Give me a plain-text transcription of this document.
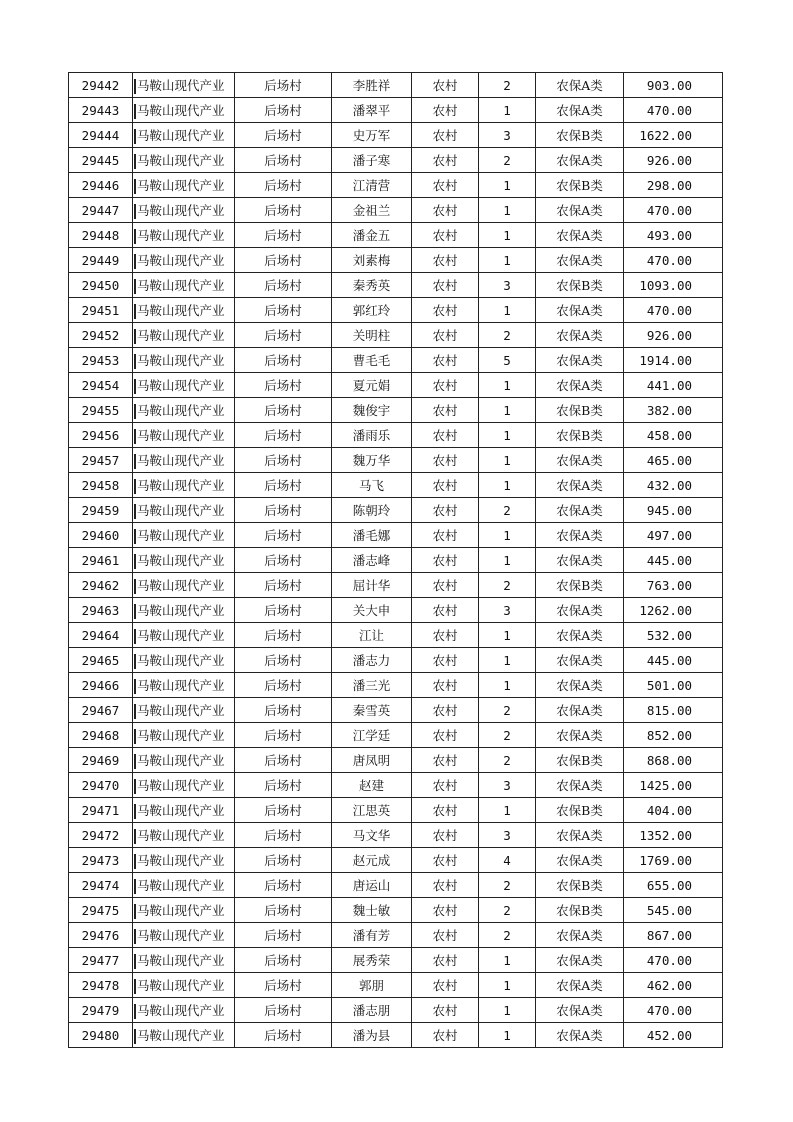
29442	马鞍山现代产业	后场村	李胜祥	农村	2	农保A类	903.00
29443	马鞍山现代产业	后场村	潘翠平	农村	1	农保A类	470.00
29444	马鞍山现代产业	后场村	史万军	农村	3	农保B类	1622.00
29445	马鞍山现代产业	后场村	潘子寒	农村	2	农保A类	926.00
29446	马鞍山现代产业	后场村	江清营	农村	1	农保B类	298.00
29447	马鞍山现代产业	后场村	金祖兰	农村	1	农保A类	470.00
29448	马鞍山现代产业	后场村	潘金五	农村	1	农保A类	493.00
29449	马鞍山现代产业	后场村	刘素梅	农村	1	农保A类	470.00
29450	马鞍山现代产业	后场村	秦秀英	农村	3	农保B类	1093.00
29451	马鞍山现代产业	后场村	郭红玲	农村	1	农保A类	470.00
29452	马鞍山现代产业	后场村	关明柱	农村	2	农保A类	926.00
29453	马鞍山现代产业	后场村	曹毛毛	农村	5	农保A类	1914.00
29454	马鞍山现代产业	后场村	夏元娟	农村	1	农保A类	441.00
29455	马鞍山现代产业	后场村	魏俊宇	农村	1	农保B类	382.00
29456	马鞍山现代产业	后场村	潘雨乐	农村	1	农保B类	458.00
29457	马鞍山现代产业	后场村	魏万华	农村	1	农保A类	465.00
29458	马鞍山现代产业	后场村	马飞	农村	1	农保A类	432.00
29459	马鞍山现代产业	后场村	陈朝玲	农村	2	农保A类	945.00
29460	马鞍山现代产业	后场村	潘毛娜	农村	1	农保A类	497.00
29461	马鞍山现代产业	后场村	潘志峰	农村	1	农保A类	445.00
29462	马鞍山现代产业	后场村	屈计华	农村	2	农保B类	763.00
29463	马鞍山现代产业	后场村	关大申	农村	3	农保A类	1262.00
29464	马鞍山现代产业	后场村	江让	农村	1	农保A类	532.00
29465	马鞍山现代产业	后场村	潘志力	农村	1	农保A类	445.00
29466	马鞍山现代产业	后场村	潘三光	农村	1	农保A类	501.00
29467	马鞍山现代产业	后场村	秦雪英	农村	2	农保A类	815.00
29468	马鞍山现代产业	后场村	江学廷	农村	2	农保A类	852.00
29469	马鞍山现代产业	后场村	唐凤明	农村	2	农保B类	868.00
29470	马鞍山现代产业	后场村	赵建	农村	3	农保A类	1425.00
29471	马鞍山现代产业	后场村	江思英	农村	1	农保B类	404.00
29472	马鞍山现代产业	后场村	马文华	农村	3	农保A类	1352.00
29473	马鞍山现代产业	后场村	赵元成	农村	4	农保A类	1769.00
29474	马鞍山现代产业	后场村	唐运山	农村	2	农保B类	655.00
29475	马鞍山现代产业	后场村	魏士敏	农村	2	农保B类	545.00
29476	马鞍山现代产业	后场村	潘有芳	农村	2	农保A类	867.00
29477	马鞍山现代产业	后场村	展秀荣	农村	1	农保A类	470.00
29478	马鞍山现代产业	后场村	郭朋	农村	1	农保A类	462.00
29479	马鞍山现代产业	后场村	潘志朋	农村	1	农保A类	470.00
29480	马鞍山现代产业	后场村	潘为县	农村	1	农保A类	452.00
